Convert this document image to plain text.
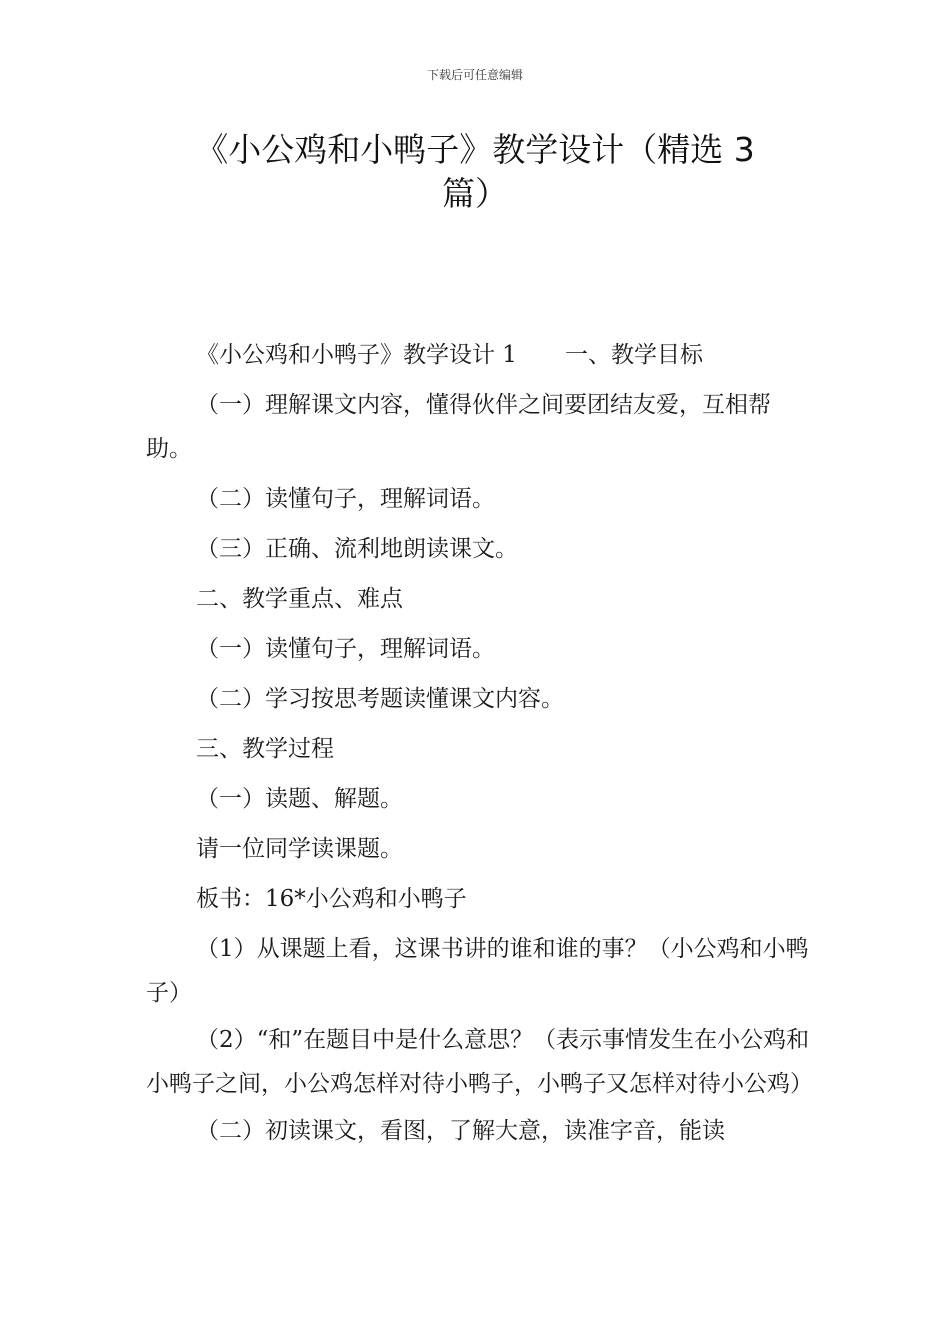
下载后可任意编辑
《小公鸡和小鸭子》教学设计（精选 3
篇）

《小公鸡和小鸭子》教学设计 1 一、教学目标

（一）理解课文内容，懂得伙伴之间要团结友爱，互相帮助。

（二）读懂句子，理解词语。

（三）正确、流利地朗读课文。

二、教学重点、难点

（一）读懂句子，理解词语。

（二）学习按思考题读懂课文内容。

三、教学过程

（一）读题、解题。

请一位同学读课题。

板书：16*小公鸡和小鸭子

（1）从课题上看，这课书讲的谁和谁的事？（小公鸡和小鸭子）

（2）“和”在题目中是什么意思？（表示事情发生在小公鸡和小鸭子之间，小公鸡怎样对待小鸭子，小鸭子又怎样对待小公鸡）

（二）初读课文，看图，了解大意，读准字音，能读
